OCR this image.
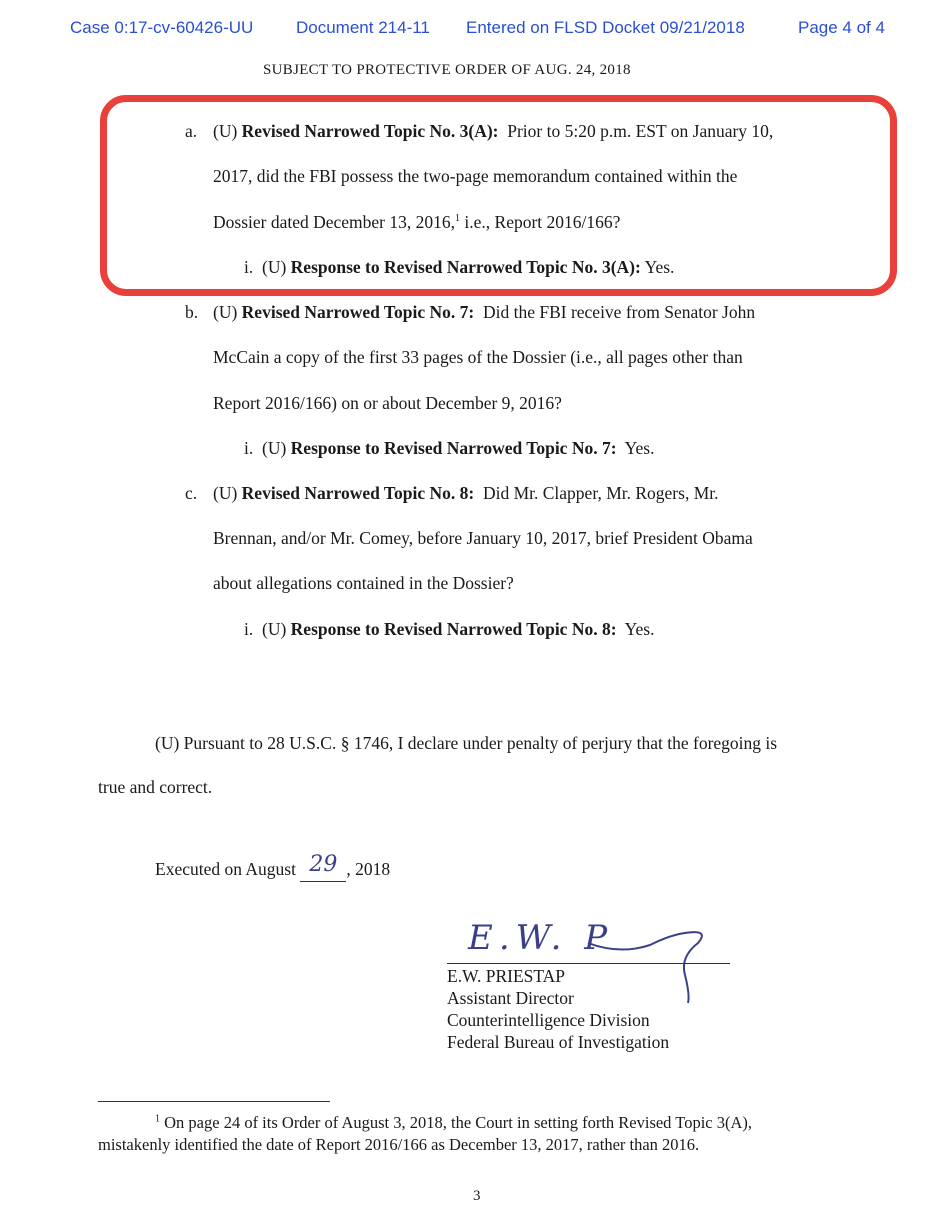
Case 0:17-cv-60426-UU	Document 214-11 Entered on FLSD Docket 09/21/2018	Page 4 of 4
SUBJECT TO PROTECTIVE ORDER OF AUG. 24, 2018
a. (U) Revised Narrowed Topic No. 3(A): Prior to 5:20 p.m. EST on January 10,
2017, did the FBI possess the two-page memorandum contained within the
Dossier dated December 13, 2016,$^1$ i.e., Report 2016/166?
i. (U) Response to Revised Narrowed Topic No. 3(A): Yes.
b. (U) Revised Narrowed Topic No. 7: Did the FBI receive from Senator John
McCain a copy of the first 33 pages of the Dossier (i.e., all pages other than
Report 2016/166) on or about December 9, 2016?
i. (U) Response to Revised Narrowed Topic No. 7: Yes.
c. (U) Revised Narrowed Topic No. 8: Did Mr. Clapper, Mr. Rogers, Mr.
Brennan, and/or Mr. Comey, before January 10, 2017, brief President Obama
about allegations contained in the Dossier?
i. (U) Response to Revised Narrowed Topic No. 8: Yes.
(U) Pursuant to 28 U.S.C. § 1746, I declare under penalty of perjury that the foregoing is
true and correct.
Executed on August 29 , 2018
E.W. P
E.W. PRIESTAP
Assistant Director
Counterintelligence Division
Federal Bureau of Investigation
$^1$ On page 24 of its Order of August 3, 2018, the Court in setting forth Revised Topic 3(A),
mistakenly identified the date of Report 2016/166 as December 13, 2017, rather than 2016.
3
